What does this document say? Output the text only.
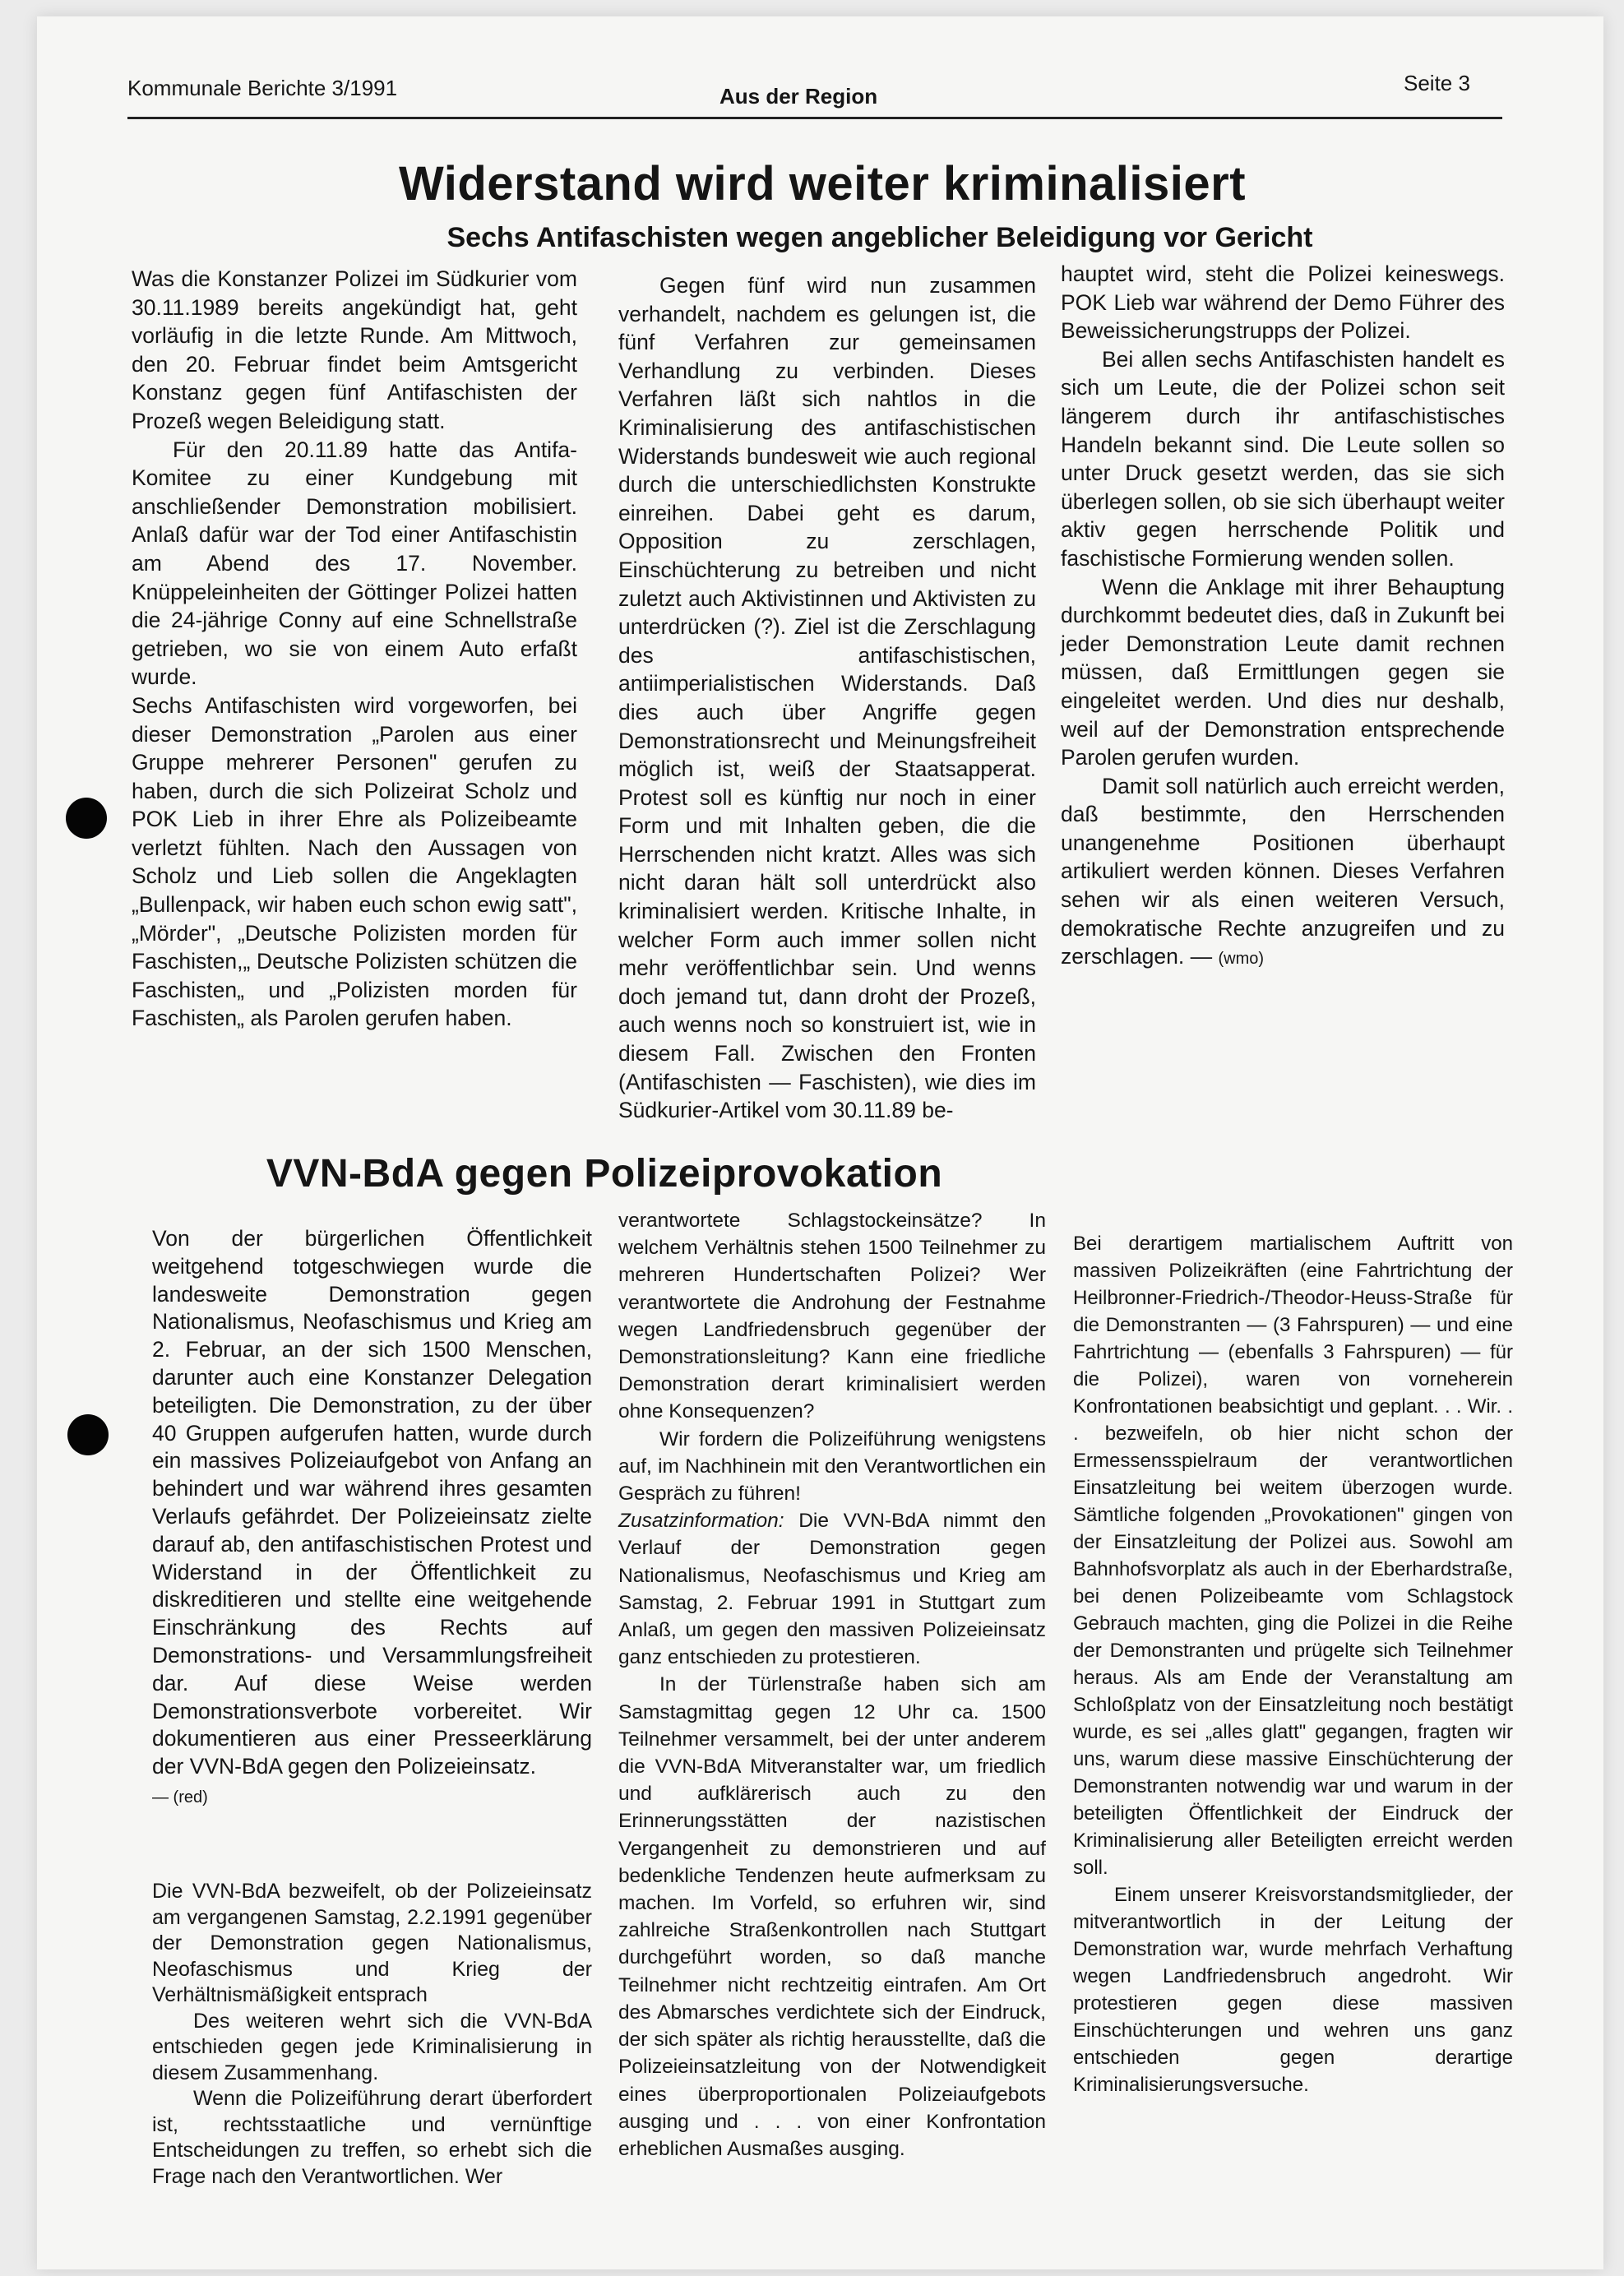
Kommunale Berichte 3/1991	Aus der Region
Seite 3
Widerstand wird weiter kriminalisiert
Sechs Antifaschisten wegen angeblicher Beleidigung vor Gericht

Was die Konstanzer Polizei im Südkurier vom 30.11.1989 bereits angekündigt hat, geht vorläufig in die letzte Runde. Am Mittwoch, den 20. Februar findet beim Amtsgericht Konstanz gegen fünf Antifaschisten der Prozeß wegen Beleidigung statt.

Für den 20.11.89 hatte das Antifa-Komitee zu einer Kundgebung mit anschließender Demonstration mobilisiert. Anlaß dafür war der Tod einer Antifaschistin am Abend des 17. November. Knüppeleinheiten der Göttinger Polizei hatten die 24-jährige Conny auf eine Schnellstraße getrieben, wo sie von einem Auto erfaßt wurde.

Sechs Antifaschisten wird vorgeworfen, bei dieser Demonstration „Parolen aus einer Gruppe mehrerer Personen" gerufen zu haben, durch die sich Polizeirat Scholz und POK Lieb in ihrer Ehre als Polizeibeamte verletzt fühlten. Nach den Aussagen von Scholz und Lieb sollen die Angeklagten „Bullenpack, wir haben euch schon ewig satt",„Mörder", „Deutsche Polizisten morden für Faschisten,„ Deutsche Polizisten schützen die Faschisten„ und „Polizisten morden für Faschisten„ als Parolen gerufen haben.

Gegen fünf wird nun zusammen verhandelt, nachdem es gelungen ist, die fünf Verfahren zur gemeinsamen Verhandlung zu verbinden. Dieses Verfahren läßt sich nahtlos in die Kriminalisierung des antifaschistischen Widerstands bundesweit wie auch regional durch die unterschiedlichsten Konstrukte einreihen. Dabei geht es darum, Opposition zu zerschlagen, Einschüchterung zu betreiben und nicht zuletzt auch Aktivistinnen und Aktivisten zu unterdrücken (?). Ziel ist die Zerschlagung des antifaschistischen, antiimperialistischen Widerstands. Daß dies auch über Angriffe gegen Demonstrationsrecht und Meinungsfreiheit möglich ist, weiß der Staatsapperat. Protest soll es künftig nur noch in einer Form und mit Inhalten geben, die die Herrschenden nicht kratzt. Alles was sich nicht daran hält soll unterdrückt also kriminalisiert werden. Kritische Inhalte, in welcher Form auch immer sollen nicht mehr veröffentlichbar sein. Und wenns doch jemand tut, dann droht der Prozeß, auch wenns noch so konstruiert ist, wie in diesem Fall. Zwischen den Fronten (Antifaschisten — Faschisten), wie dies im Südkurier-Artikel vom 30.11.89 be-

hauptet wird, steht die Polizei keineswegs. POK Lieb war während der Demo Führer des Beweissicherungstrupps der Polizei.

Bei allen sechs Antifaschisten handelt es sich um Leute, die der Polizei schon seit längerem durch ihr antifaschistisches Handeln bekannt sind. Die Leute sollen so unter Druck gesetzt werden, das sie sich überlegen sollen, ob sie sich überhaupt weiter aktiv gegen herrschende Politik und faschistische Formierung wenden sollen.

Wenn die Anklage mit ihrer Behauptung durchkommt bedeutet dies, daß in Zukunft bei jeder Demonstration Leute damit rechnen müssen, daß Ermittlungen gegen sie eingeleitet werden. Und dies nur deshalb, weil auf der Demonstration entsprechende Parolen gerufen wurden.

Damit soll natürlich auch erreicht werden, daß bestimmte, den Herrschenden unangenehme Positionen überhaupt artikuliert werden können. Dieses Verfahren sehen wir als einen weiteren Versuch, demokratische Rechte anzugreifen und zu zerschlagen. — (wmo)

VVN-BdA gegen Polizeiprovokation

Von der bürgerlichen Öffentlichkeit weitgehend totgeschwiegen wurde die landesweite Demonstration gegen Nationalismus, Neofaschismus und Krieg am 2. Februar, an der sich 1500 Menschen, darunter auch eine Konstanzer Delegation beteiligten. Die Demonstration, zu der über 40 Gruppen aufgerufen hatten, wurde durch ein massives Polizeiaufgebot von Anfang an behindert und war während ihres gesamten Verlaufs gefährdet. Der Polizeieinsatz zielte darauf ab, den antifaschistischen Protest und Widerstand in der Öffentlichkeit zu diskreditieren und stellte eine weitgehende Einschränkung des Rechts auf Demonstrations- und Versammlungsfreiheit dar. Auf diese Weise werden Demonstrationsverbote vorbereitet. Wir dokumentieren aus einer Presseerklärung der VVN-BdA gegen den Polizeieinsatz.

— (red)

Die VVN-BdA bezweifelt, ob der Polizeieinsatz am vergangenen Samstag, 2.2.1991 gegenüber der Demonstration gegen Nationalismus, Neofaschismus und Krieg der Verhältnismäßigkeit entsprach

Des weiteren wehrt sich die VVN-BdA entschieden gegen jede Kriminalisierung in diesem Zusammenhang.

Wenn die Polizeiführung derart überfordert ist, rechtsstaatliche und vernünftige Entscheidungen zu treffen, so erhebt sich die Frage nach den Verantwortlichen. Wer

verantwortete Schlagstockeinsätze? In welchem Verhältnis stehen 1500 Teilnehmer zu mehreren Hundertschaften Polizei? Wer verantwortete die Androhung der Festnahme wegen Landfriedensbruch gegenüber der Demonstrationsleitung? Kann eine friedliche Demonstration derart kriminalisiert werden ohne Konsequenzen?

Wir fordern die Polizeiführung wenigstens auf, im Nachhinein mit den Verantwortlichen ein Gespräch zu führen!

Zusatzinformation: Die VVN-BdA nimmt den Verlauf der Demonstration gegen Nationalismus, Neofaschismus und Krieg am Samstag, 2. Februar 1991 in Stuttgart zum Anlaß, um gegen den massiven Polizeieinsatz ganz entschieden zu protestieren.

In der Türlenstraße haben sich am Samstagmittag gegen 12 Uhr ca. 1500 Teilnehmer versammelt, bei der unter anderem die VVN-BdA Mitveranstalter war, um friedlich und aufklärerisch auch zu den Erinnerungsstätten der nazistischen Vergangenheit zu demonstrieren und auf bedenkliche Tendenzen heute aufmerksam zu machen. Im Vorfeld, so erfuhren wir, sind zahlreiche Straßenkontrollen nach Stuttgart durchgeführt worden, so daß manche Teilnehmer nicht rechtzeitig eintrafen. Am Ort des Abmarsches verdichtete sich der Eindruck, der sich später als richtig herausstellte, daß die Polizeieinsatzleitung von der Notwendigkeit eines überproportionalen Polizeiaufgebots ausging und . . . von einer Konfrontation erheblichen Ausmaßes ausging.

Bei derartigem martialischem Auftritt von massiven Polizeikräften (eine Fahrtrichtung der Heilbronner-Friedrich-/Theodor-Heuss-Straße für die Demonstranten — (3 Fahrspuren) — und eine Fahrtrichtung — (ebenfalls 3 Fahrspuren) — für die Polizei), waren von vorneherein Konfrontationen beabsichtigt und geplant. . . Wir. . . bezweifeln, ob hier nicht schon der Ermessensspielraum der verantwortlichen Einsatzleitung bei weitem überzogen wurde. Sämtliche folgenden „Provokationen" gingen von der Einsatzleitung der Polizei aus. Sowohl am Bahnhofsvorplatz als auch in der Eberhardstraße, bei denen Polizeibeamte vom Schlagstock Gebrauch machten, ging die Polizei in die Reihe der Demonstranten und prügelte sich Teilnehmer heraus. Als am Ende der Veranstaltung am Schloßplatz von der Einsatzleitung noch bestätigt wurde, es sei „alles glatt" gegangen, fragten wir uns, warum diese massive Einschüchterung der Demonstranten notwendig war und warum in der beteiligten Öffentlichkeit der Eindruck der Kriminalisierung aller Beteiligten erreicht werden soll.

Einem unserer Kreisvorstandsmitglieder, der mitverantwortlich in der Leitung der Demonstration war, wurde mehrfach Verhaftung wegen Landfriedensbruch angedroht. Wir protestieren gegen diese massiven Einschüchterungen und wehren uns ganz entschieden gegen derartige Kriminalisierungsversuche.
